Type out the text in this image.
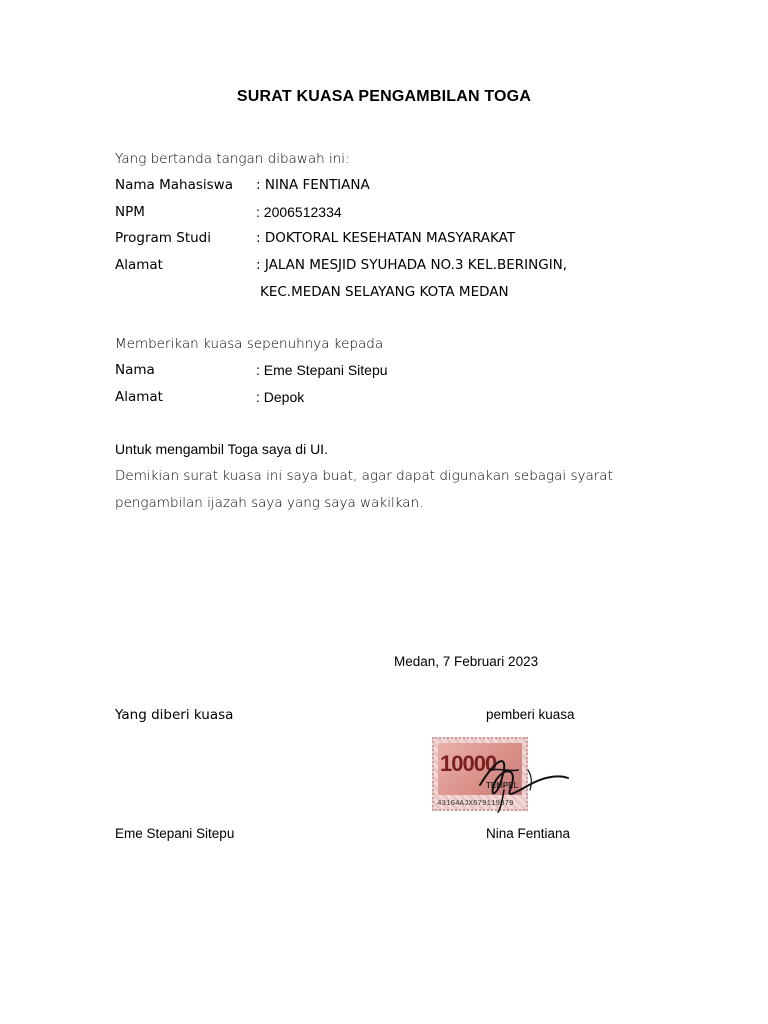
SURAT KUASA PENGAMBILAN TOGA
Yang bertanda tangan dibawah ini:
Nama Mahasiswa : NINA FENTIANA
NPM	: 2006512334
Program Studi	: DOKTORAL KESEHATAN MASYARAKAT
Alamat	: JALAN MESJID SYUHADA NO.3 KEL.BERINGIN,
KEC.MEDAN SELAYANG KOTA MEDAN
Memberikan kuasa sepenuhnya kepada
Nama	: Eme Stepani Sitepu
Alamat	: Depok
Untuk mengambil Toga saya di UI.
Demikian surat kuasa ini saya buat, agar dapat digunakan sebagai syarat
pengambilan ijazah saya yang saya wakilkan.
Medan, 7 Februari 2023
Yang diberi kuasa	pemberi kuasa
10000
TEMPEL
43164AJX679119879
Eme Stepani Sitepu	Nina Fentiana
